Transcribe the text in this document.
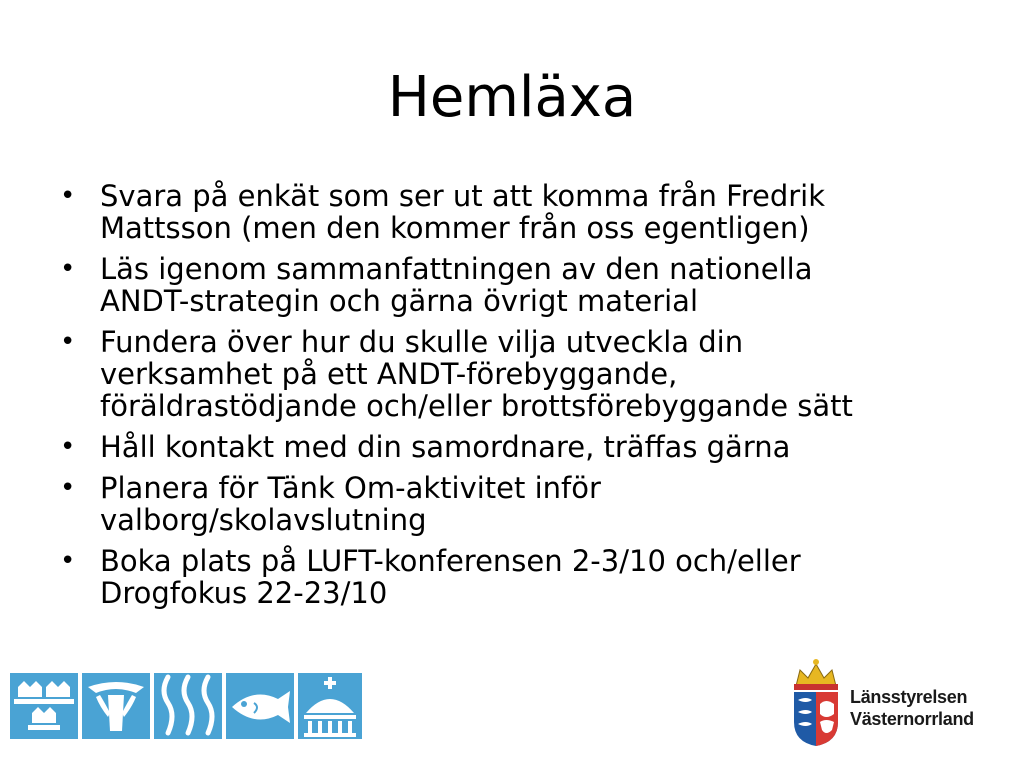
Hemläxa
• Svara på enkät som ser ut att komma från Fredrik
Mattsson (men den kommer från oss egentligen)
• Läs igenom sammanfattningen av den nationella
ANDT-strategin och gärna övrigt material
• Fundera över hur du skulle vilja utveckla din
verksamhet på ett ANDT-förebyggande,
föräldrastödjande och/eller brottsförebyggande sätt
• Håll kontakt med din samordnare, träffas gärna
• Planera för Tänk Om-aktivitet inför
valborg/skolavslutning
• Boka plats på LUFT-konferensen 2-3/10 och/eller
Drogfokus 22-23/10
Länsstyrelsen
Västernorrland
